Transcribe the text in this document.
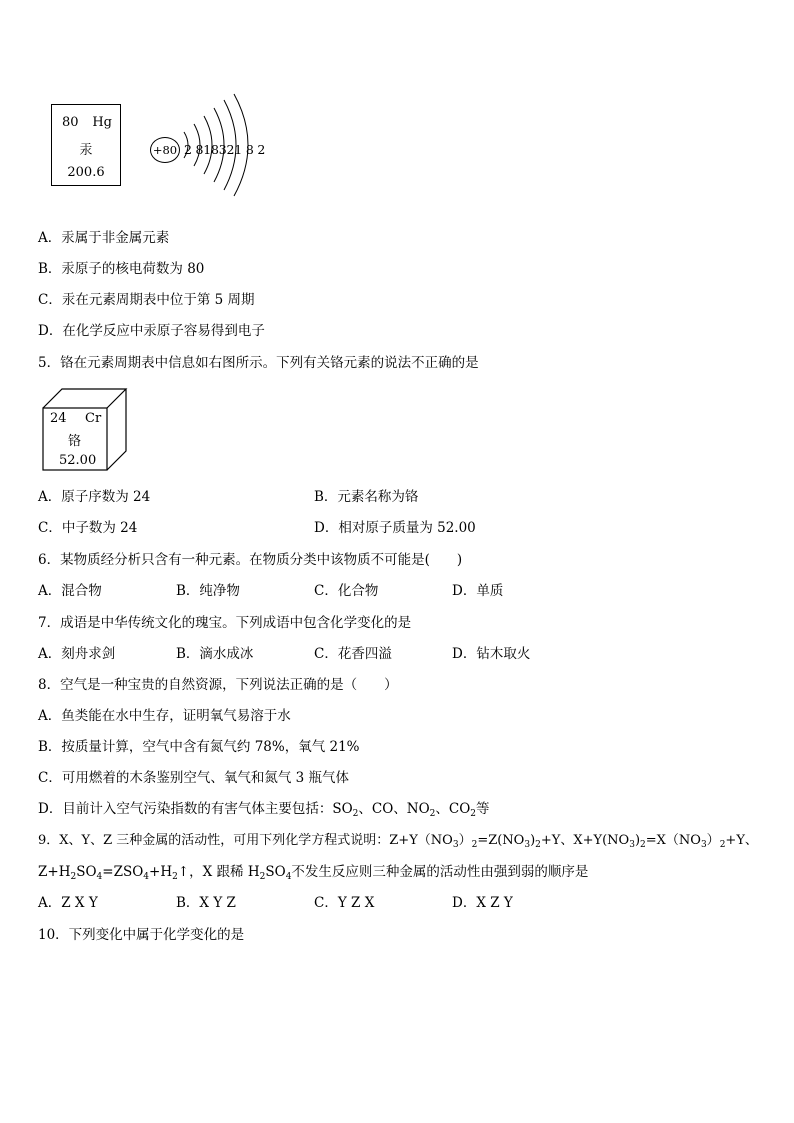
80 Hg
汞
200.6
+80 2 818321 8 2
A．汞属于非金属元素
B．汞原子的核电荷数为 80
C．汞在元素周期表中位于第 5 周期
D．在化学反应中汞原子容易得到电子
5．铬在元素周期表中信息如右图所示。下列有关铬元素的说法不正确的是
24 Cr
铬
52.00
A．原子序数为 24	B．元素名称为铬
C．中子数为 24	D．相对原子质量为 52.00
6．某物质经分析只含有一种元素。在物质分类中该物质不可能是(　　)
A．混合物	B．纯净物	C．化合物	D．单质
7．成语是中华传统文化的瑰宝。下列成语中包含化学变化的是
A．刻舟求剑	B．滴水成冰	C．花香四溢	D．钻木取火
8．空气是一种宝贵的自然资源，下列说法正确的是（　　）
A．鱼类能在水中生存，证明氧气易溶于水
B．按质量计算，空气中含有氮气约 78%，氧气 21%
C．可用燃着的木条鉴别空气、氧气和氮气 3 瓶气体
D．目前计入空气污染指数的有害气体主要包括：$SO_2$、CO、$NO_2$、$CO_2$等
9．X、Y、Z 三种金属的活动性，可用下列化学方程式说明：$Z+Y(NO_3)_2=Z(NO_3)_2+Y$、$X+Y(NO_3)_2=X(NO_3)_2+Y$、
$Z+H_2SO_4=ZSO_4+H_2↑$，X 跟稀 $H_2SO_4$不发生反应则三种金属的活动性由强到弱的顺序是
A．Z X Y	B．X Y Z	C．Y Z X	D．X Z Y
10．下列变化中属于化学变化的是
